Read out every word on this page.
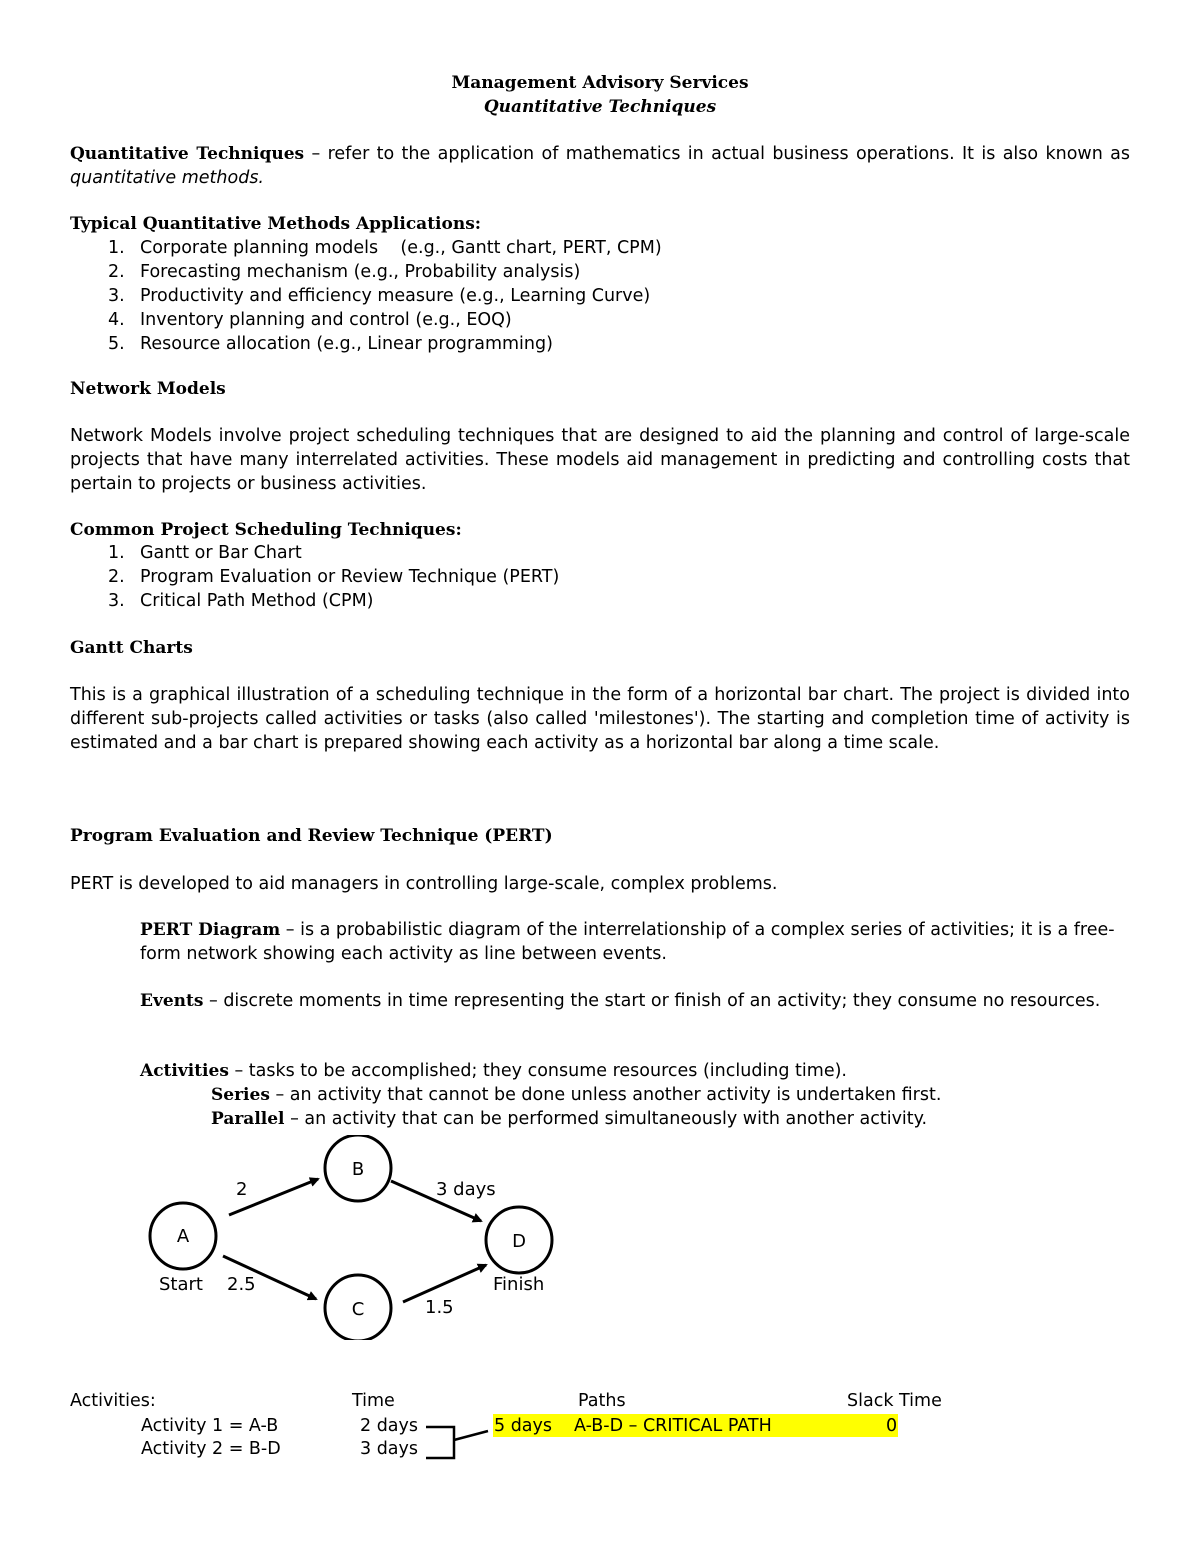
Management Advisory Services
Quantitative Techniques
Quantitative Techniques – refer to the application of mathematics in actual business operations. It is also known as quantitative methods.
Typical Quantitative Methods Applications:
1. Corporate planning models    (e.g., Gantt chart, PERT, CPM)
2. Forecasting mechanism (e.g., Probability analysis)
3. Productivity and efficiency measure (e.g., Learning Curve)
4. Inventory planning and control (e.g., EOQ)
5. Resource allocation (e.g., Linear programming)
Network Models
Network Models involve project scheduling techniques that are designed to aid the planning and control of large-scale projects that have many interrelated activities. These models aid management in predicting and controlling costs that pertain to projects or business activities.
Common Project Scheduling Techniques:
1. Gantt or Bar Chart
2. Program Evaluation or Review Technique (PERT)
3. Critical Path Method (CPM)
Gantt Charts
This is a graphical illustration of a scheduling technique in the form of a horizontal bar chart. The project is divided into different sub-projects called activities or tasks (also called 'milestones'). The starting and completion time of activity is estimated and a bar chart is prepared showing each activity as a horizontal bar along a time scale.
Program Evaluation and Review Technique (PERT)
PERT is developed to aid managers in controlling large-scale, complex problems.
PERT Diagram – is a probabilistic diagram of the interrelationship of a complex series of activities; it is a free-form network showing each activity as line between events.
Events – discrete moments in time representing the start or finish of an activity; they consume no resources.
Activities – tasks to be accomplished; they consume resources (including time).
Series – an activity that cannot be done unless another activity is undertaken first.
Parallel – an activity that can be performed simultaneously with another activity.
A
B
C
D
2	3 days
2.5
1.5
Start	Finish
Activities:	Time	Paths	Slack Time
Activity 1 = A-B	2 days
Activity 2 = B-D	3 days
5 days A-B-D – CRITICAL PATH	0
